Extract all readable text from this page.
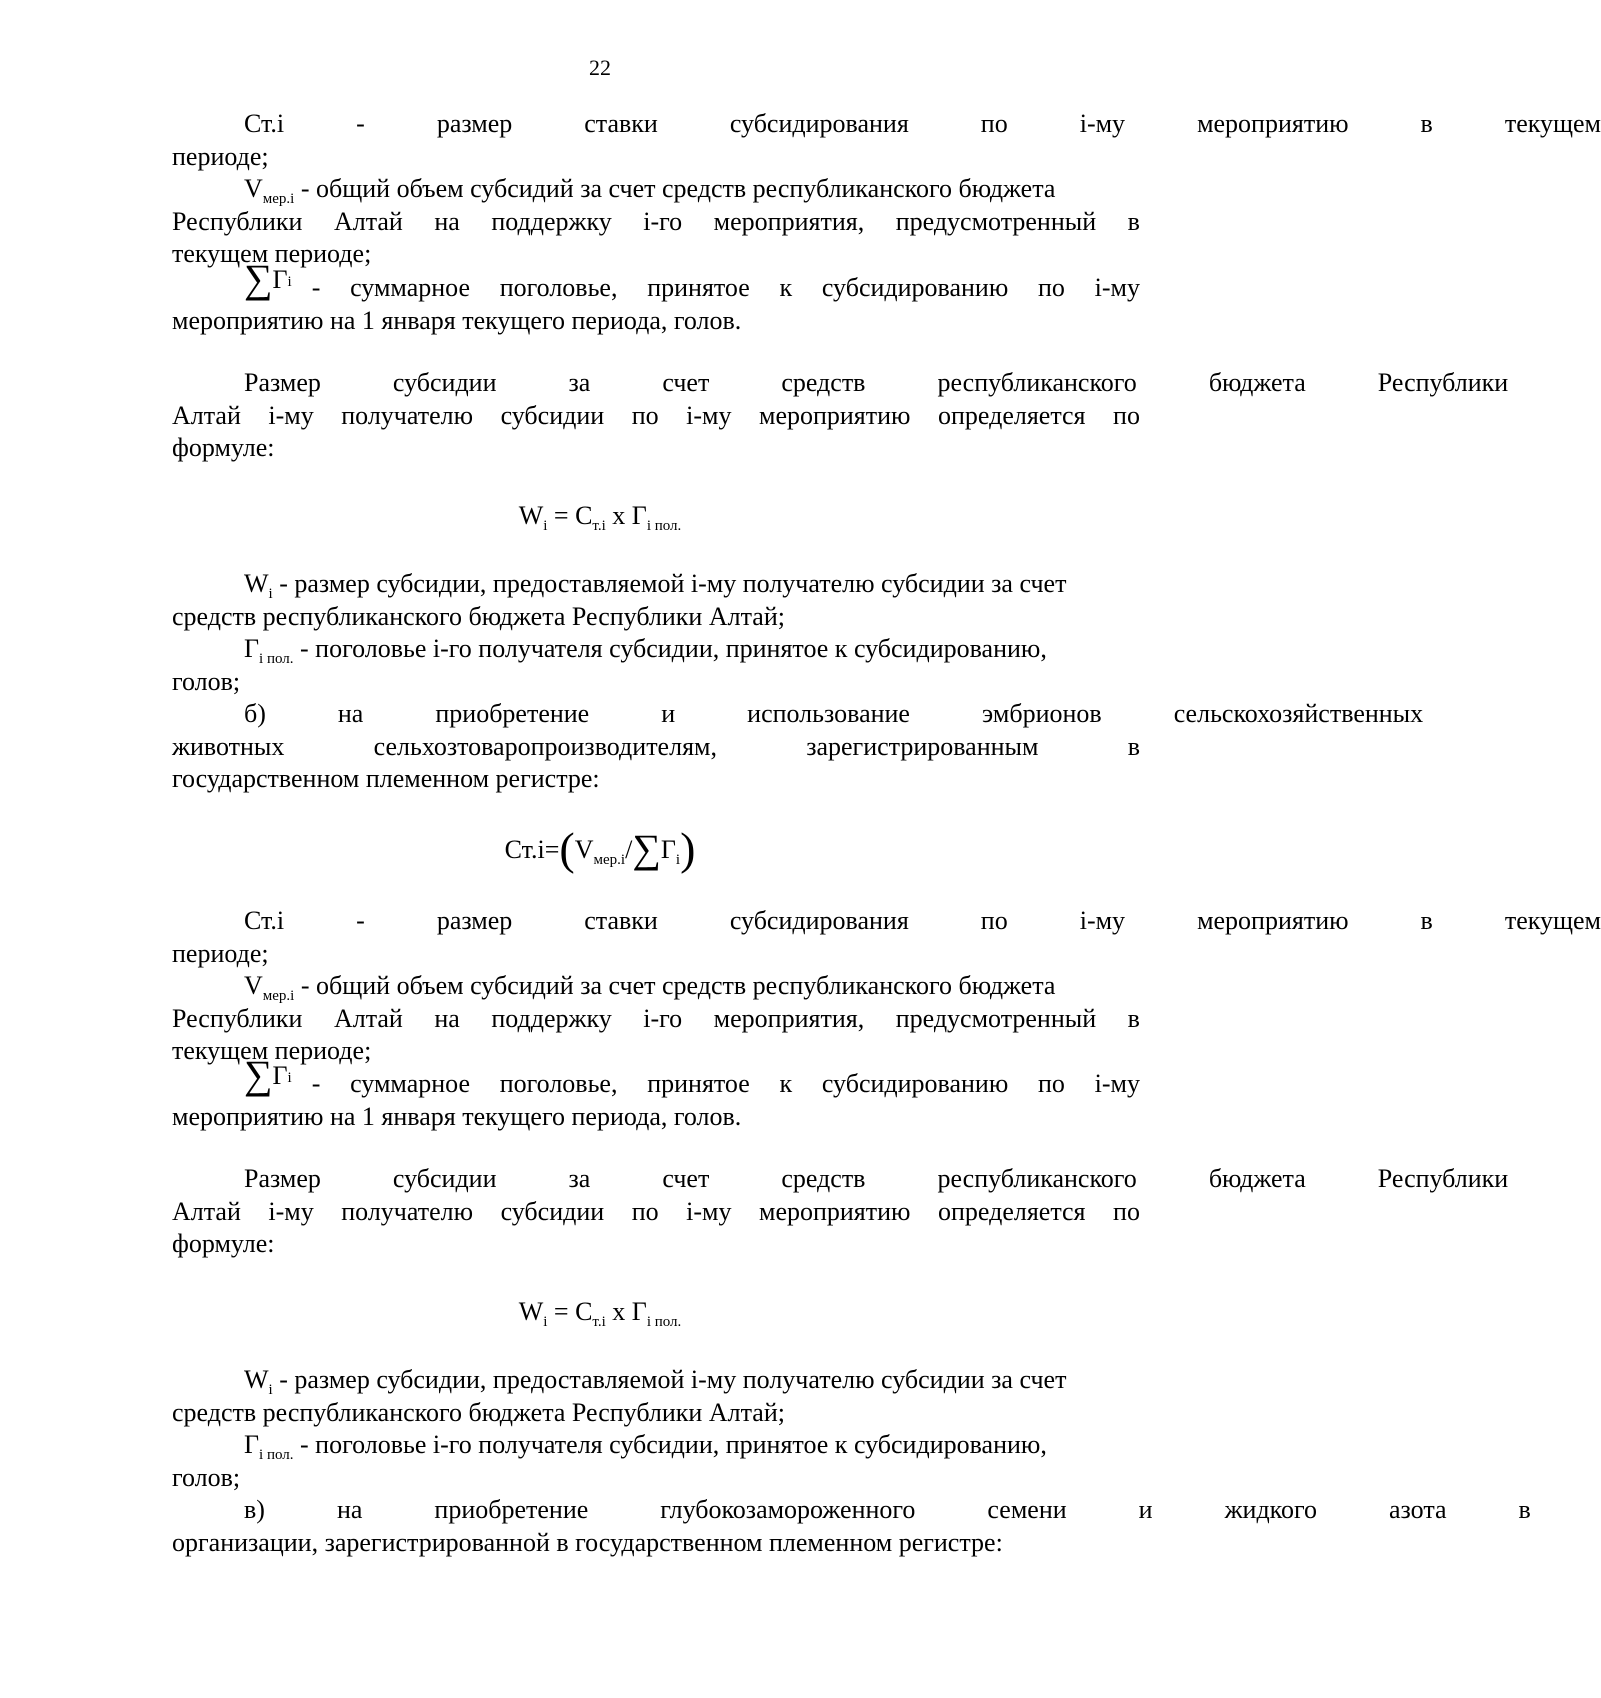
22
Ст.i	-	размер	ставки	субсидирования	по	i-му	мероприятию	в	текущем
периоде;
$V_{мер.i}$ - общий объем субсидий за счет средств республиканского бюджета
Республики Алтай на поддержку i-го мероприятия, предусмотренный в
текущем периоде;
∑Гi - суммарное поголовье, принятое к субсидированию по i-му
мероприятию на 1 января текущего периода, голов.
Размер	субсидии	за	счет	средств	республиканского	бюджета	Республики
Алтай i-му получателю субсидии по i-му мероприятию определяется по
формуле:
$W_i = С_{т.i}$ x $Г_{i пол.}$
$W_i$ - размер субсидии, предоставляемой i-му получателю субсидии за счет
средств республиканского бюджета Республики Алтай;
$Г_{i пол.}$ - поголовье i-го получателя субсидии, принятое к субсидированию,
голов;
б)	на	приобретение	и	использование	эмбрионов	сельскохозяйственных
животных	сельхозтоваропроизводителям,	зарегистрированным	в
государственном племенном регистре:
$Ст.i=(V_{мер.i}/\sum Г_i)$
Ст.i	-	размер	ставки	субсидирования	по	i-му	мероприятию	в	текущем
периоде;
$V_{мер.i}$ - общий объем субсидий за счет средств республиканского бюджета
Республики Алтай на поддержку i-го мероприятия, предусмотренный в
текущем периоде;
∑Гi - суммарное поголовье, принятое к субсидированию по i-му
мероприятию на 1 января текущего периода, голов.
Размер	субсидии	за	счет	средств	республиканского	бюджета	Республики
Алтай i-му получателю субсидии по i-му мероприятию определяется по
формуле:
$W_i = С_{т.i}$ x $Г_{i пол.}$
$W_i$ - размер субсидии, предоставляемой i-му получателю субсидии за счет
средств республиканского бюджета Республики Алтай;
$Г_{i пол.}$ - поголовье i-го получателя субсидии, принятое к субсидированию,
голов;
в)	на	приобретение	глубокозамороженного	семени	и	жидкого	азота	в
организации, зарегистрированной в государственном племенном регистре:
